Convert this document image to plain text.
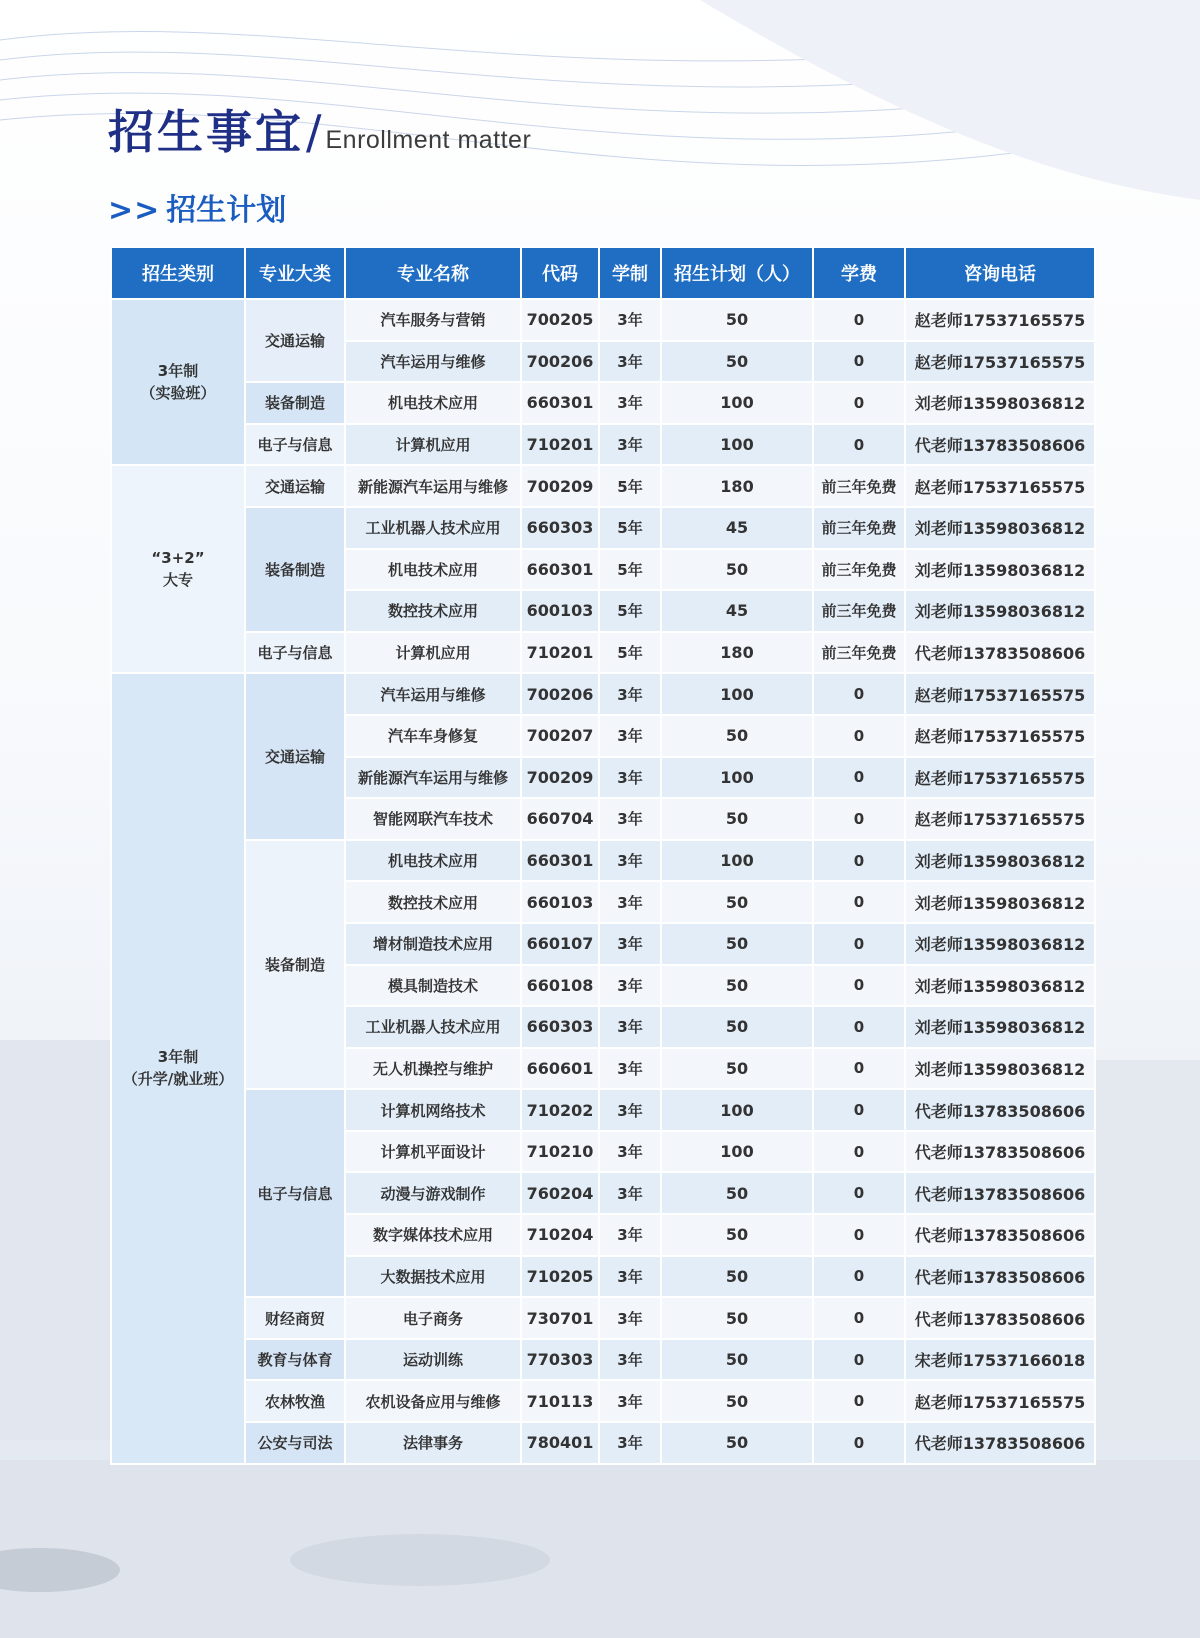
招生事宜/ Enrollment matter
>> 招生计划
招生类别	专业大类	专业名称	代码	学制	招生计划（人）	学费	咨询电话
3年制
（实验班）	交通运输	汽车服务与营销	700205	3年	50	0	赵老师17537165575
		汽车运用与维修	700206	3年	50	0	赵老师17537165575
	装备制造	机电技术应用	660301	3年	100	0	刘老师13598036812
	电子与信息	计算机应用	710201	3年	100	0	代老师13783508606
“3+2”
大专	交通运输	新能源汽车运用与维修	700209	5年	180	前三年免费	赵老师17537165575
	装备制造	工业机器人技术应用	660303	5年	45	前三年免费	刘老师13598036812
		机电技术应用	660301	5年	50	前三年免费	刘老师13598036812
		数控技术应用	600103	5年	45	前三年免费	刘老师13598036812
	电子与信息	计算机应用	710201	5年	180	前三年免费	代老师13783508606
3年制
（升学/就业班）	交通运输	汽车运用与维修	700206	3年	100	0	赵老师17537165575
		汽车车身修复	700207	3年	50	0	赵老师17537165575
		新能源汽车运用与维修	700209	3年	100	0	赵老师17537165575
		智能网联汽车技术	660704	3年	50	0	赵老师17537165575
	装备制造	机电技术应用	660301	3年	100	0	刘老师13598036812
		数控技术应用	660103	3年	50	0	刘老师13598036812
		增材制造技术应用	660107	3年	50	0	刘老师13598036812
		模具制造技术	660108	3年	50	0	刘老师13598036812
		工业机器人技术应用	660303	3年	50	0	刘老师13598036812
		无人机操控与维护	660601	3年	50	0	刘老师13598036812
	电子与信息	计算机网络技术	710202	3年	100	0	代老师13783508606
		计算机平面设计	710210	3年	100	0	代老师13783508606
		动漫与游戏制作	760204	3年	50	0	代老师13783508606
		数字媒体技术应用	710204	3年	50	0	代老师13783508606
		大数据技术应用	710205	3年	50	0	代老师13783508606
	财经商贸	电子商务	730701	3年	50	0	代老师13783508606
	教育与体育	运动训练	770303	3年	50	0	宋老师17537166018
	农林牧渔	农机设备应用与维修	710113	3年	50	0	赵老师17537165575
	公安与司法	法律事务	780401	3年	50	0	代老师13783508606
